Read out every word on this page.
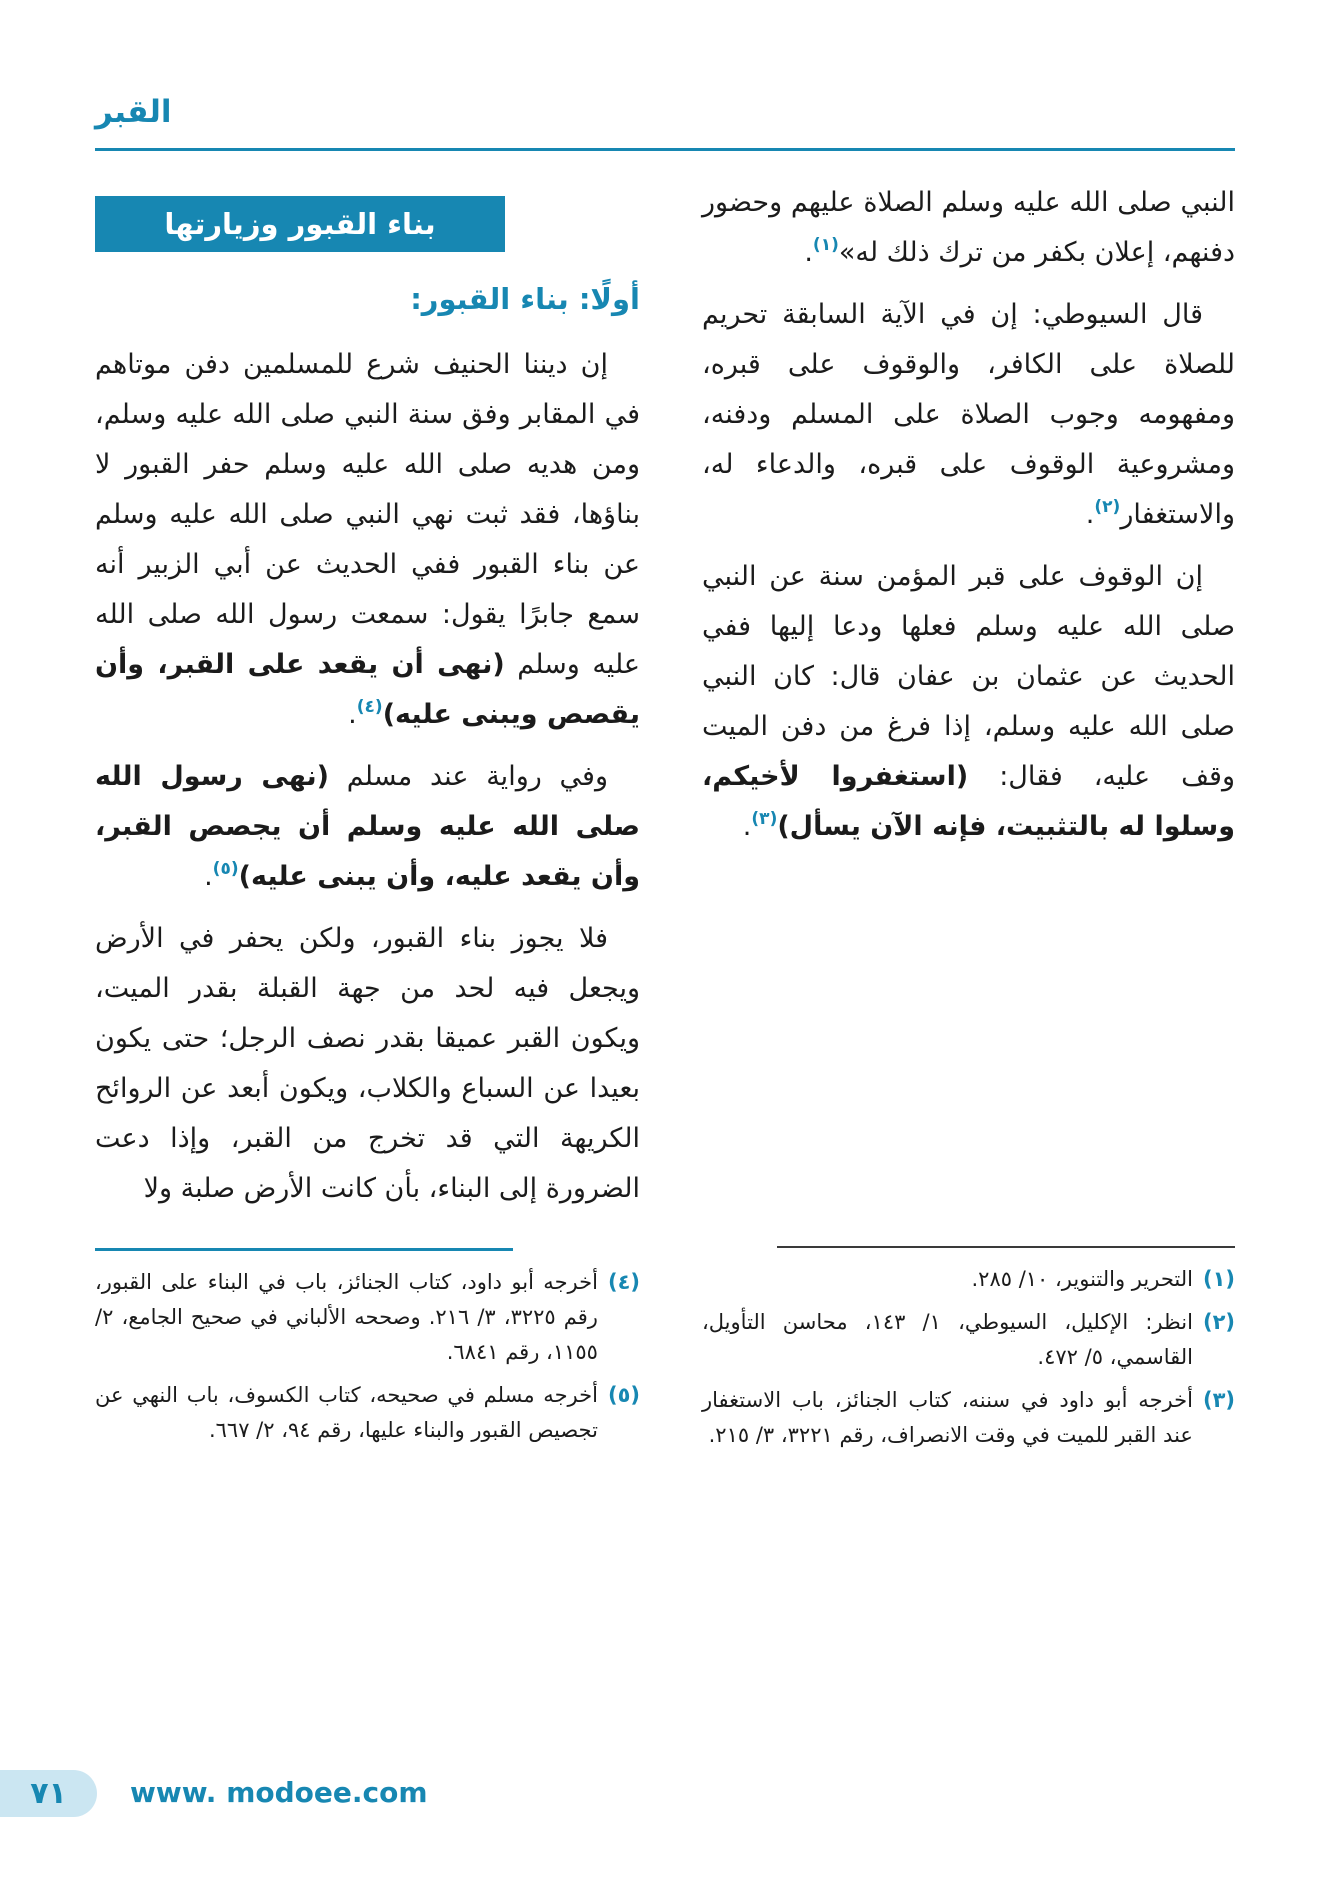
القبر

النبي صلى الله عليه وسلم الصلاة عليهم وحضور دفنهم، إعلان بكفر من ترك ذلك له»$^{(١)}$.

قال السيوطي: إن في الآية السابقة تحريم للصلاة على الكافر، والوقوف على قبره، ومفهومه وجوب الصلاة على المسلم ودفنه، ومشروعية الوقوف على قبره، والدعاء له، والاستغفار$^{(٢)}$.

إن الوقوف على قبر المؤمن سنة عن النبي صلى الله عليه وسلم فعلها ودعا إليها ففي الحديث عن عثمان بن عفان قال: كان النبي صلى الله عليه وسلم، إذا فرغ من دفن الميت وقف عليه، فقال: (استغفروا لأخيكم، وسلوا له بالتثبيت، فإنه الآن يسأل)$^{(٣)}$.

(١)
التحرير والتنوير، ١٠/ ٢٨٥.
(٢)
انظر: الإكليل، السيوطي، ١/ ١٤٣، محاسن التأويل، القاسمي، ٥/ ٤٧٢.
(٣)
أخرجه أبو داود في سننه، كتاب الجنائز، باب الاستغفار عند القبر للميت في وقت الانصراف، رقم ٣٢٢١، ٣/ ٢١٥.
بناء القبور وزيارتها
أولًا: بناء القبور:

إن ديننا الحنيف شرع للمسلمين دفن موتاهم في المقابر وفق سنة النبي صلى الله عليه وسلم، ومن هديه صلى الله عليه وسلم حفر القبور لا بناؤها، فقد ثبت نهي النبي صلى الله عليه وسلم عن بناء القبور ففي الحديث عن أبي الزبير أنه سمع جابرًا يقول: سمعت رسول الله صلى الله عليه وسلم (نهى أن يقعد على القبر، وأن يقصص ويبنى عليه)$^{(٤)}$.

وفي رواية عند مسلم (نهى رسول الله صلى الله عليه وسلم أن يجصص القبر، وأن يقعد عليه، وأن يبنى عليه)$^{(٥)}$.

فلا يجوز بناء القبور، ولكن يحفر في الأرض ويجعل فيه لحد من جهة القبلة بقدر الميت، ويكون القبر عميقا بقدر نصف الرجل؛ حتى يكون بعيدا عن السباع والكلاب، ويكون أبعد عن الروائح الكريهة التي قد تخرج من القبر، وإذا دعت الضرورة إلى البناء، بأن كانت الأرض صلبة ولا

(٤)
أخرجه أبو داود، كتاب الجنائز، باب في البناء على القبور، رقم ٣٢٢٥، ٣/ ٢١٦. وصححه الألباني في صحيح الجامع، ٢/ ١١٥٥، رقم ٦٨٤١.
(٥)
أخرجه مسلم في صحيحه، كتاب الكسوف، باب النهي عن تجصيص القبور والبناء عليها، رقم ٩٤، ٢/ ٦٦٧.
٧١ www. modoee.com
